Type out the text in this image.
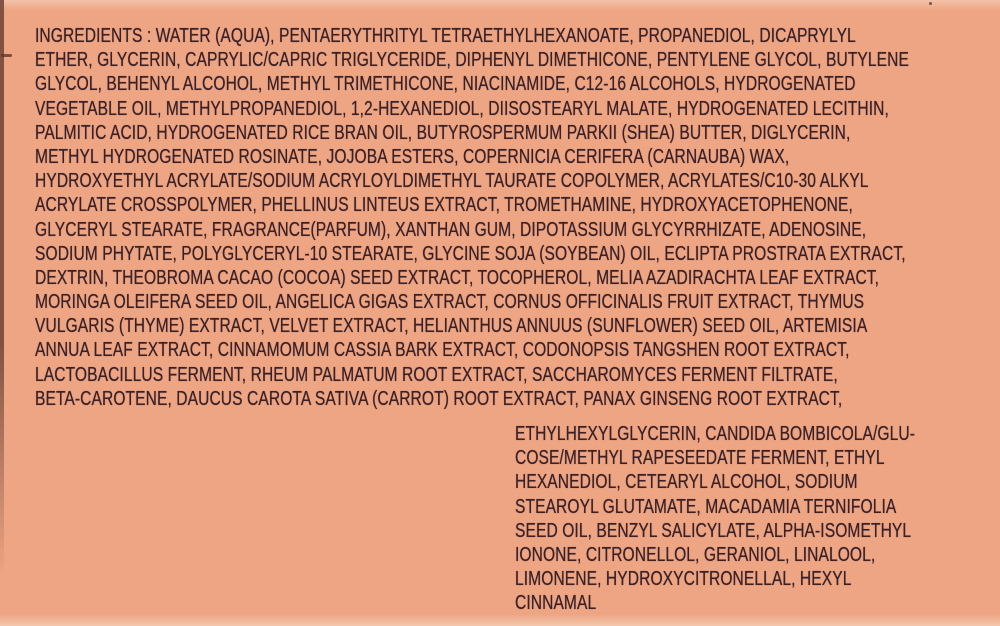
INGREDIENTS : WATER (AQUA), PENTAERYTHRITYL TETRAETHYLHEXANOATE, PROPANEDIOL, DICAPRYLYL
ETHER, GLYCERIN, CAPRYLIC/CAPRIC TRIGLYCERIDE, DIPHENYL DIMETHICONE, PENTYLENE GLYCOL, BUTYLENE
GLYCOL, BEHENYL ALCOHOL, METHYL TRIMETHICONE, NIACINAMIDE, C12-16 ALCOHOLS, HYDROGENATED
VEGETABLE OIL, METHYLPROPANEDIOL, 1,2-HEXANEDIOL, DIISOSTEARYL MALATE, HYDROGENATED LECITHIN,
PALMITIC ACID, HYDROGENATED RICE BRAN OIL, BUTYROSPERMUM PARKII (SHEA) BUTTER, DIGLYCERIN,
METHYL HYDROGENATED ROSINATE, JOJOBA ESTERS, COPERNICIA CERIFERA (CARNAUBA) WAX,
HYDROXYETHYL ACRYLATE/SODIUM ACRYLOYLDIMETHYL TAURATE COPOLYMER, ACRYLATES/C10-30 ALKYL
ACRYLATE CROSSPOLYMER, PHELLINUS LINTEUS EXTRACT, TROMETHAMINE, HYDROXYACETOPHENONE,
GLYCERYL STEARATE, FRAGRANCE(PARFUM), XANTHAN GUM, DIPOTASSIUM GLYCYRRHIZATE, ADENOSINE,
SODIUM PHYTATE, POLYGLYCERYL-10 STEARATE, GLYCINE SOJA (SOYBEAN) OIL, ECLIPTA PROSTRATA EXTRACT,
DEXTRIN, THEOBROMA CACAO (COCOA) SEED EXTRACT, TOCOPHEROL, MELIA AZADIRACHTA LEAF EXTRACT,
MORINGA OLEIFERA SEED OIL, ANGELICA GIGAS EXTRACT, CORNUS OFFICINALIS FRUIT EXTRACT, THYMUS
VULGARIS (THYME) EXTRACT, VELVET EXTRACT, HELIANTHUS ANNUUS (SUNFLOWER) SEED OIL, ARTEMISIA
ANNUA LEAF EXTRACT, CINNAMOMUM CASSIA BARK EXTRACT, CODONOPSIS TANGSHEN ROOT EXTRACT,
LACTOBACILLUS FERMENT, RHEUM PALMATUM ROOT EXTRACT, SACCHAROMYCES FERMENT FILTRATE,
BETA-CAROTENE, DAUCUS CAROTA SATIVA (CARROT) ROOT EXTRACT, PANAX GINSENG ROOT EXTRACT,
ETHYLHEXYLGLYCERIN, CANDIDA BOMBICOLA/GLU-
COSE/METHYL RAPESEEDATE FERMENT, ETHYL
HEXANEDIOL, CETEARYL ALCOHOL, SODIUM
STEAROYL GLUTAMATE, MACADAMIA TERNIFOLIA
SEED OIL, BENZYL SALICYLATE, ALPHA-ISOMETHYL
IONONE, CITRONELLOL, GERANIOL, LINALOOL,
LIMONENE, HYDROXYCITRONELLAL, HEXYL
CINNAMAL
